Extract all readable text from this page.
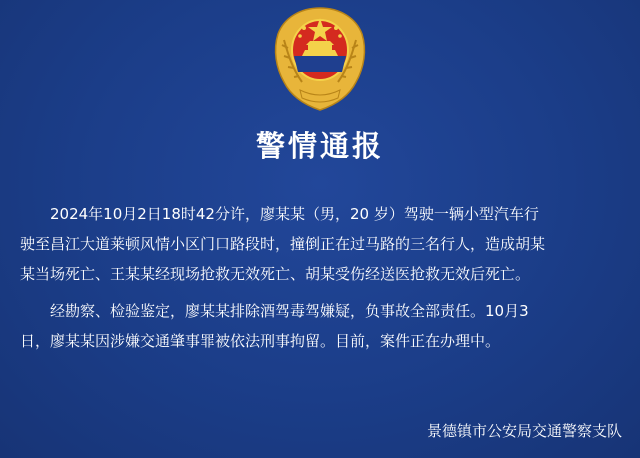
警情通报
　　2024年10月2日18时42分许，廖某某（男，20 岁）驾驶一辆小型汽车行
驶至昌江大道莱顿风情小区门口路段时，撞倒正在过马路的三名行人，造成胡某
某当场死亡、王某某经现场抢救无效死亡、胡某受伤经送医抢救无效后死亡。
　　经勘察、检验鉴定，廖某某排除酒驾毒驾嫌疑，负事故全部责任。10月3
日，廖某某因涉嫌交通肇事罪被依法刑事拘留。目前，案件正在办理中。
景德镇市公安局交通警察支队
